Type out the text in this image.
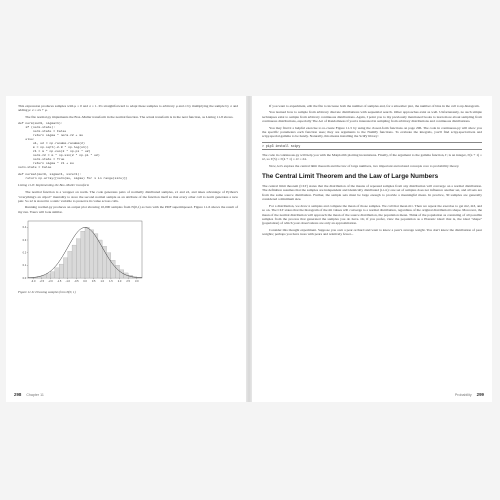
This expression produces samples with μ = 0 and σ = 1. It's straightforward to adapt these samples to arbitrary μ and σ by multiplying the sample by σ and adding μ: z = σx + μ.

The file normal.py implements the Box–Muller transform in the normal function. The actual transform is in the next function, as Listing 11-8 shows.

def norm(mu=0, sigma=1):
if (norm.state):
norm.state = False
return sigma * norm.z2 + mu
else:
u1, u2 = np.random.random(2)
m = np.sqrt(-2.0 * np.log(u1))
z1 = m * np.cos(2 * np.pi * u2)
norm.z2 = m * np.sin(2 * np.pi * u2)
norm.state = True
return sigma * z1 + mu
norm.state = False
def normal(mu=0, sigma=1, size=1):
return np.array([norm(mu, sigma) for i in range(size)])
Listing 11-8: Implementing the Box–Muller transform

The normal function is a wrapper on norm. The code generates pairs of normally distributed samples, z1 and z2, and takes advantage of Python's "everything's an object" mentality to store the second normal sample as an attribute of the function itself so that every other call to norm generates a new pair. So z2 is stored in a static variable to preserve its value across calls.

Running normal.py produces an output plot showing 10,000 samples from N(0,1) as bars with the PDF superimposed. Figure 11-6 shows the result of my run. Yours will look similar.

-3.0 -2.5 -2.0 -1.5 -1.0 -0.5 0.0 0.5 1.0 1.5 2.0 2.5 3.0
0.0
0.1
0.2
0.3
0.4
Figure 11-6: Drawing samples from N(0, 1)
298 Chapter 11

If you want to experiment, edit the file to increase both the number of samples and, for a smoother plot, the number of bins in the call to np.histogram.

You learned how to sample from arbitrary discrete distributions with sequential search. Other approaches exist as well. Unfortunately, no such simple techniques exist to sample from arbitrary continuous distributions. Again, I point you to my previously mentioned books to learn more about sampling from continuous distributions, especially The Art of Randomness if you're interested in sampling from arbitrary distributions and continuous distributions.

You may find it a helpful exercise to re-create Figure 11-5 by using the closed-form functions on page 296. The code in continuous.py will show you the specific parameters each function uses; they are arguments to the NumPy functions. To evaluate the integrals, you'll find scipy.special.beta and scipy.special.gamma to be handy. Naturally, this means installing the SciPy library:

> pip3 install scipy

The code in continuous.py will help you with the Matplotlib plotting incantations. Finally, if the argument to the gamma function, Γ, is an integer, Γ(n + 1) = n!, so Γ(5) = Γ(4 + 1) = 4! = 24.

Now, let's explore the central limit theorem and the law of large numbers, two important and related concepts core to probability theory.

The Central Limit Theorem and the Law of Large Numbers

The central limit theorem (CLT) states that the distribution of the means of repeated samples from any distribution will converge on a normal distribution. The definition assumes that the samples are independent and identically distributed (i.i.d.): one set of samples does not influence another set, and all sets are from the same source distribution. Further, the sample sets must be large enough to provide a meaningful mean. In practice, 30 samples are generally considered a minimum size.

For a distribution, we draw n samples and compute the mean of those samples. We call that mean m1. Then we repeat the exercise to get m2, m3, and so on. The CLT states that the histogram of the mi values will converge to a normal distribution, regardless of the original distribution's shape. Moreover, the mean of the normal distribution will approach the mean of the source distribution, the population mean. Think of the population as consisting of all possible samples from the process that generated the samples you do have. Or, if you prefer, view the population as a Platonic ideal: that is, the ideal "shape" (population) of which your observations are only an approximation.

Consider this thought experiment. Suppose you own a pear orchard and want to know a pear's average weight. You don't know the distribution of pear weights; perhaps you have trees with pears and relatively fewer...

Probability 299
